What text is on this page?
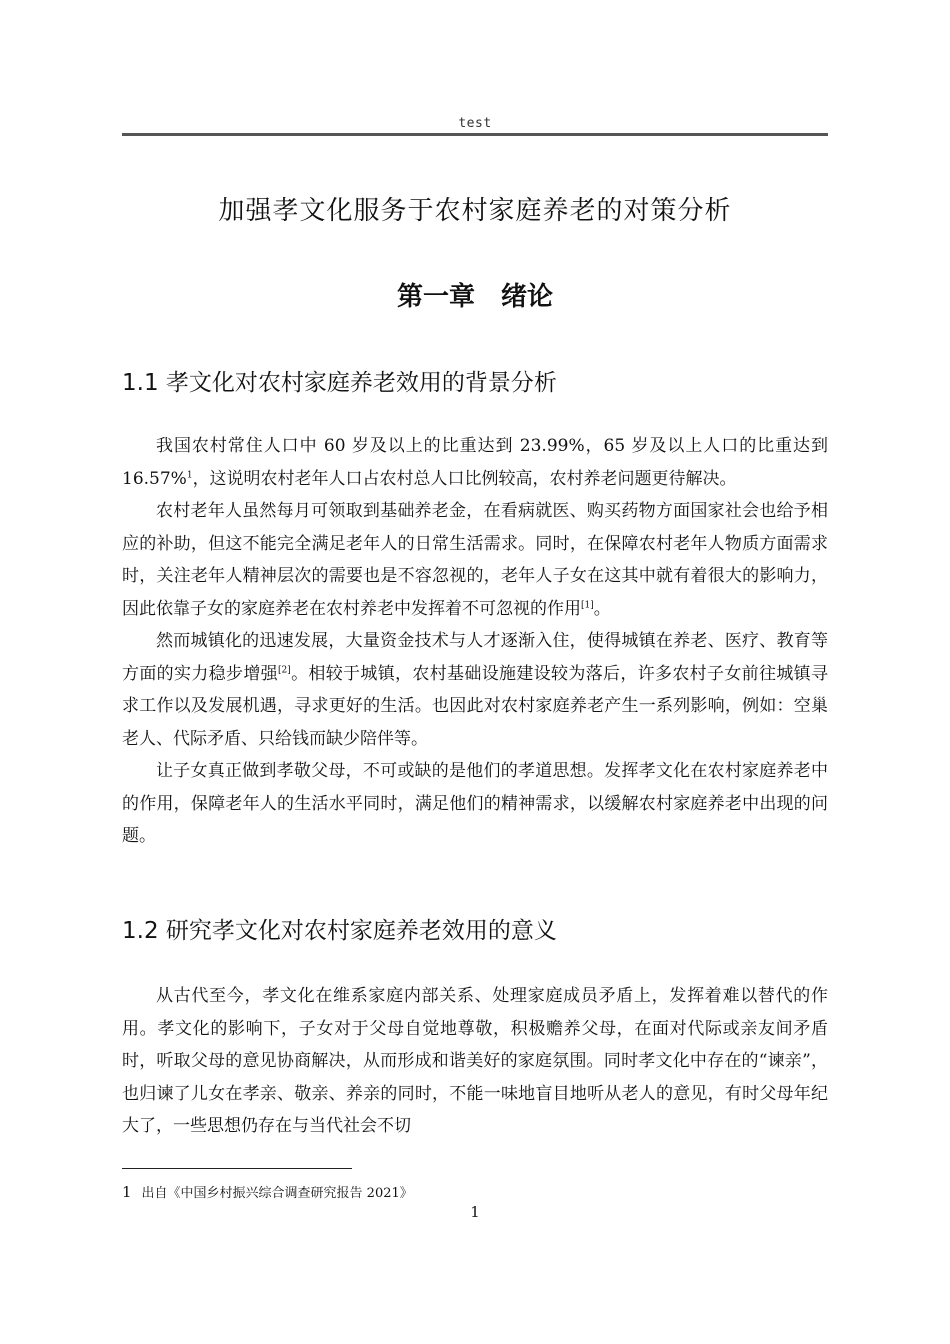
test
加强孝文化服务于农村家庭养老的对策分析
第一章　绪论
1.1 孝文化对农村家庭养老效用的背景分析

我国农村常住人口中 60 岁及以上的比重达到 23.99%，65 岁及以上人口的比重达到 16.57%$^1$，这说明农村老年人口占农村总人口比例较高，农村养老问题更待解决。

农村老年人虽然每月可领取到基础养老金，在看病就医、购买药物方面国家社会也给予相应的补助，但这不能完全满足老年人的日常生活需求。同时，在保障农村老年人物质方面需求时，关注老年人精神层次的需要也是不容忽视的，老年人子女在这其中就有着很大的影响力，因此依靠子女的家庭养老在农村养老中发挥着不可忽视的作用[1]。

然而城镇化的迅速发展，大量资金技术与人才逐渐入住，使得城镇在养老、医疗、教育等方面的实力稳步增强[2]。相较于城镇，农村基础设施建设较为落后，许多农村子女前往城镇寻求工作以及发展机遇，寻求更好的生活。也因此对农村家庭养老产生一系列影响，例如：空巢老人、代际矛盾、只给钱而缺少陪伴等。

让子女真正做到孝敬父母，不可或缺的是他们的孝道思想。发挥孝文化在农村家庭养老中的作用，保障老年人的生活水平同时，满足他们的精神需求，以缓解农村家庭养老中出现的问题。

1.2 研究孝文化对农村家庭养老效用的意义

从古代至今，孝文化在维系家庭内部关系、处理家庭成员矛盾上，发挥着难以替代的作用。孝文化的影响下，子女对于父母自觉地尊敬，积极赡养父母，在面对代际或亲友间矛盾时，听取父母的意见协商解决，从而形成和谐美好的家庭氛围。同时孝文化中存在的“谏亲”，也归谏了儿女在孝亲、敬亲、养亲的同时，不能一味地盲目地听从老人的意见，有时父母年纪大了，一些思想仍存在与当代社会不切

1 出自《中国乡村振兴综合调查研究报告 2021》
1
